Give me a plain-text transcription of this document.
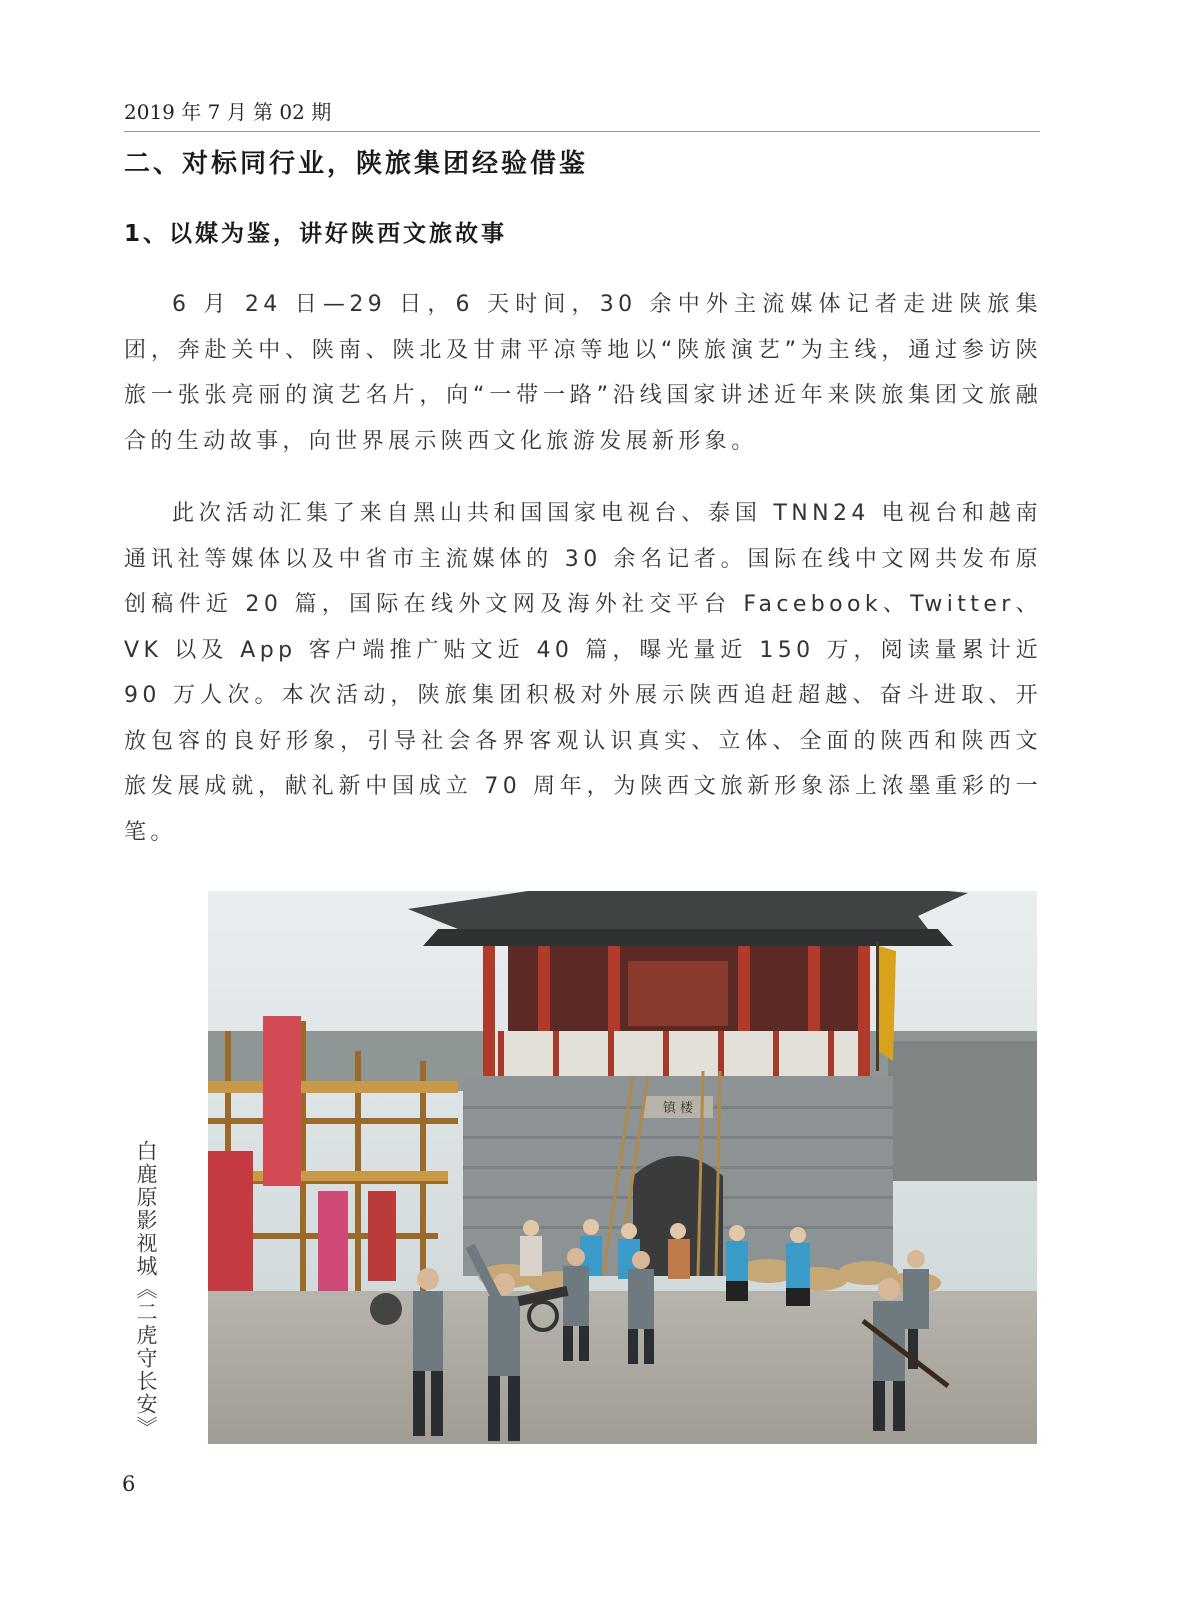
2019 年 7 月 第 02 期
二、对标同行业，陕旅集团经验借鉴
1、以媒为鉴，讲好陕西文旅故事

6 月 24 日—29 日，6 天时间，30 余中外主流媒体记者走进陕旅集团，奔赴关中、陕南、陕北及甘肃平凉等地以“陕旅演艺”为主线，通过参访陕旅一张张亮丽的演艺名片，向“一带一路”沿线国家讲述近年来陕旅集团文旅融合的生动故事，向世界展示陕西文化旅游发展新形象。

此次活动汇集了来自黑山共和国国家电视台、泰国 TNN24 电视台和越南通讯社等媒体以及中省市主流媒体的 30 余名记者。国际在线中文网共发布原创稿件近 20 篇，国际在线外文网及海外社交平台 Facebook、Twitter、VK 以及 App 客户端推广贴文近 40 篇，曝光量近 150 万，阅读量累计近 90 万人次。本次活动，陕旅集团积极对外展示陕西追赶超越、奋斗进取、开放包容的良好形象，引导社会各界客观认识真实、立体、全面的陕西和陕西文旅发展成就，献礼新中国成立 70 周年，为陕西文旅新形象添上浓墨重彩的一笔。

镇 楼
白鹿原影视城《二虎守长安》
6
